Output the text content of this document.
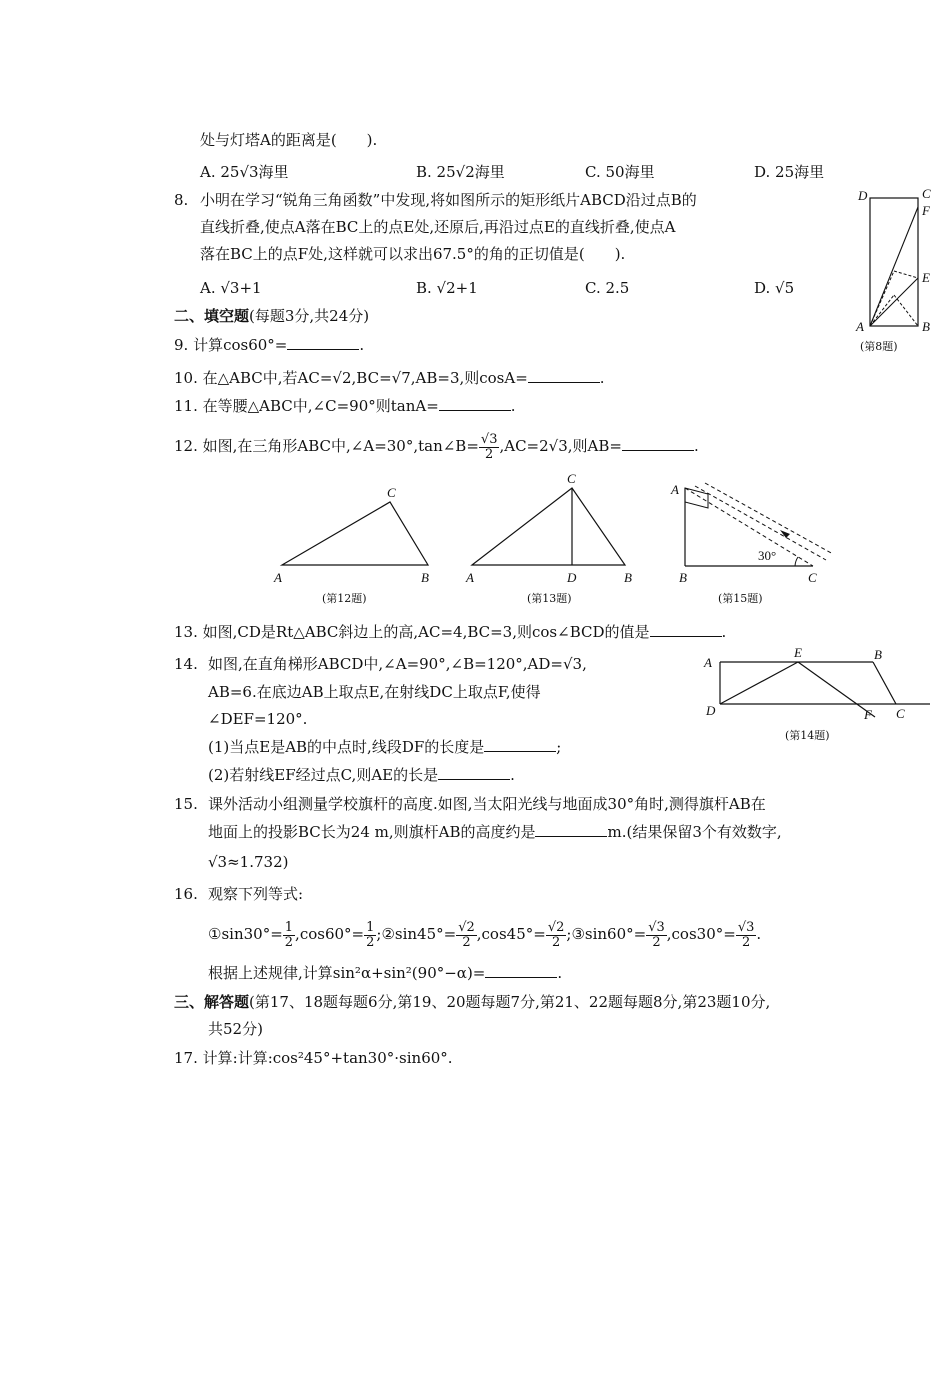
处与灯塔A的距离是(　　).
A. 25√3海里	B. 25√2海里	C. 50海里	D. 25海里
8. 小明在学习“锐角三角函数”中发现,将如图所示的矩形纸片ABCD沿过点B的
直线折叠,使点A落在BC上的点E处,还原后,再沿过点E的直线折叠,使点A
落在BC上的点F处,这样就可以求出67.5°的角的正切值是(　　).
A. √3+1	B. √2+1	C. 2.5	D. √5
D	C
F
E
A	B
(第8题)
二、填空题(每题3分,共24分)
9. 计算cos60°=	.
10. 在△ABC中,若AC=√2,BC=√7,AB=3,则cosA=	.
11. 在等腰△ABC中,∠C=90°则tanA=	.
12. 如图,在三角形ABC中,∠A=30°,tan∠B= $\frac{√3}{2} ,AC=2√3$,则AB=	.
C
A	B
(第12题)
C
A	D	B
(第13题)
A
B	C
30°
(第15题)
13. 如图,CD是Rt△ABC斜边上的高,AC=4,BC=3,则cos∠BCD的值是	.
14. 如图,在直角梯形ABCD中,∠A=90°,∠B=120°,AD=√3,
AB=6.在底边AB上取点E,在射线DC上取点F,使得
∠DEF=120°.
(1)当点E是AB的中点时,线段DF的长度是	;
(2)若射线EF经过点C,则AE的长是	.
A
E	B
D	F C
(第14题)
15. 课外活动小组测量学校旗杆的高度.如图,当太阳光线与地面成30°角时,测得旗杆AB在
地面上的投影BC长为24 m,则旗杆AB的高度约是	m.(结果保留3个有效数字,
√3≈1.732)
16. 观察下列等式:
①sin30°= $\frac{1}{2} ,\cos 60^\circ= \frac{1}{2}$ ;②sin45°= $\frac{√2}{2} ,\cos 45^\circ= \frac{√2}{2}$ ;③sin60°= $\frac{√3}{2} ,\cos 30^\circ= \frac{√3}{2}$ .
根据上述规律,计算sin²α+sin²(90°−α)=	.
三、解答题(第17、18题每题6分,第19、20题每题7分,第21、22题每题8分,第23题10分,
共52分)
17. 计算:计算:cos²45°+tan30°·sin60°.
